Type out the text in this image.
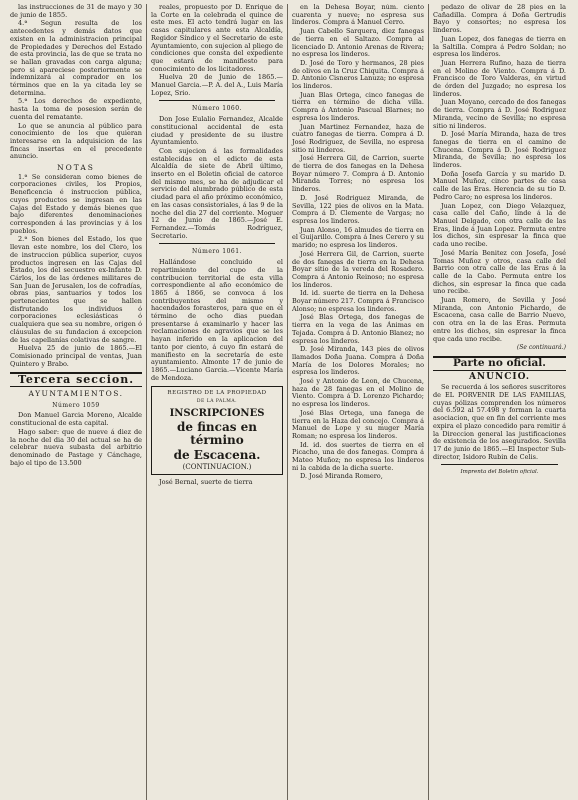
las instrucciones de 31 de mayo y 30 de junio de 1855.

4.ª Segun resulta de los antecedentes y demás datos que existen en la administracion principal de Propiedades y Derechos del Estado de esta provincia, las de que se trata no se hallan gravadas con carga alguna; pero si apareciese posteriormente se indemnizará al comprador en los términos que en la ya citada ley se determina.

5.ª Los derechos de expediente, hasta la toma de posesion serán de cuenta del rematante.

Lo que se anuncia al público para conocimiento de los que quieran interesarse en la adquisicion de las fincas insertas en el precedente anuncio.

NOTAS

1.ª Se consideran como bienes de corporaciones civiles, los Propios, Beneficencia é instruccion pública, cuyos productos se ingresan en las Cajas del Estado y demás bienes que bajo diferentes denominaciones corresponden á las provincias y á los pueblos.

2.ª Son bienes del Estado, los que llevan este nombre, los del Clero, los de instruccion pública superior, cuyos productos ingresen en las Cajas del Estado, los del secuestro ex-Infante D. Cárlos, los de las órdenes militares de San Juan de Jerusalen, los de cofradías, obras pias, santuarios y todos los pertenecientes que se hallen disfrutando los individuos ó corporaciones eclesiásticas ó cualquiera que sea su nombre, origen ó cláusulas de su fundacion á excepcion de las capellanías colativas de sangre.

Huelva 25 de junio de 1865.—El Comisionado principal de ventas, Juan Quintero y Brabo.

Tercera seccion.
AYUNTAMIENTOS.
Número 1059

Don Manuel Garcia Moreno, Alcalde constitucional de esta capital.

Hago saber: que de nueve á diez de la noche del dia 30 del actual se ha de celebrar nueva subasta del arbitrio denominado de Pastage y Cánchage, bajo el tipo de 13.500

reales, propuesto por D. Enrique de la Corte en la celebrada el quince de este mes. El acto tendrá lugar en las casas capitulares ante esta Alcaldía, Regidor Síndico y el Secretario de este Ayuntamiento, con sujecion al pliego de condiciones que consta del expediente que estará de manifiesto para conocimiento de los licitadores.

Huelva 20 de Junio de 1865.—Manuel Garcia.—P. A. del A., Luis María Lopez, Srio.

Número 1060.

Don Jose Eulalio Fernandez, Alcalde constitucional accidental de esta ciudad y presidente de su ilustre Ayuntamiento.

Con sujecion á las formalidades establecidas en el edicto de esta Alcaldía de siete de Abril último, inserto en el Boletin oficial de catorce del mismo mes, se ha de adjudicar el servicio del alumbrado público de esta ciudad para el año próximo económico, en las casas consistoriales, á las 9 de la noche del dia 27 del corriente. Moguer 12 de Junio de 1865.—José E. Fernandez.—Tomás Rodriguez, Secretario.

Número 1061.

Hallándose concluido el repartimiento del cupo de la contribucion territorial de esta villa correspondiente al año económico de 1865 á 1866, se convoca á los contribuyentes del mismo y hacendados forasteros, para que en el término de ocho dias puedan presentarse á examinarlo y hacer las reclamaciones de agravios que se les hayan inferido en la aplicacion del tanto por ciento, á cuyo fin estará de manifiesto en la secretaría de este ayuntamiento. Almonte 17 de junio de 1865.—Luciano Garcia.—Vicente María de Mendoza.

REGISTRO DE LA PROPIEDAD
DE LA PALMA.
INSCRIPCIONES
de fincas en término
de Escacena.
(CONTINUACION.)

José Bernal, suerte de tierra

en la Dehesa Boyar, núm. ciento cuarenta y nueve; no espresa sus linderos. Compra á Manuel Cerro.

Juan Cabello Sarquera, diez fanegas de tierra en el Saltazo. Compra al licenciado D. Antonio Arenas de Rivera; no espresa los linderos.

D. José de Toro y hermanos, 28 pies de olivos en la Cruz Chiquita. Compra á D. Antonio Cisneros Lanuza; no espresa los linderos.

Juan Blas Ortega, cinco fanegas de tierra en término de dicha villa. Compra á Antonio Pascual Blarnes; no espresa los linderos.

Juan Martinez Fernandez, haza de cuatro fanegas de tierra. Compra á D. José Rodriguez, de Sevilla, no espresa sitio ni linderos.

José Herrera Gil, de Carrion, suerte de tierra de dos fanegas en la Dehesa Boyar número 7. Compra á D. Antonio Miranda Torres; no espresa los linderos.

D. José Rodriguez Miranda, de Sevilla, 122 pies de olivos en la Mata. Compra á D. Clemente de Vargas; no espresa los linderos.

Juan Alonso, 16 almudes de tierra en el Guijarillo. Compra á Ines Cerero y su marido; no espresa los linderos.

José Herrera Gil, de Carrion, suerte de dos fanegas de tierra en la Dehesa Boyar sitio de la vereda del Rosadero. Compra á Antonio Reinoso; no espresa los linderos.

Id. id. suerte de tierra en la Dehesa Boyar número 217. Compra á Francisco Alonso; no espresa los linderos.

José Blas Ortega, dos fanegas de tierra en la vega de las Ánimas en Tejada. Compra á D. Antonio Blanez; no espresa los linderos.

D. José Miranda, 143 pies de olivos llamados Doña Juana. Compra á Doña María de los Dolores Morales; no espresa los linderos.

José y Antonio de Leon, de Chucena, haza de 28 fanegas en el Molino de Viento. Compra á D. Lorenzo Pichardo; no espresa los linderos.

José Blas Ortega, una fanega de tierra en la Haza del concejo. Compra á Manuel de Lope y su muger María Roman; no espresa los linderos.

Id. id. dos suertes de tierra en el Picacho, una de dos fanegas. Compra á Mateo Muñoz; no espresa los linderos ni la cabida de la dicha suerte.

D. José Miranda Romero,

pedazo de olivar de 28 pies en la Cañadilla. Compra á Doña Gertrudis Bayo y consortes; no espresa los linderos.

Juan Lopez, dos fanegas de tierra en la Saltilla. Compra á Pedro Soldan; no espresa los linderos.

Juan Herrera Rufino, haza de tierra en el Molino de Viento. Compra á D. Francisco de Toro Valderas, en virtud de órden del Juzgado; no espresa los linderos.

Juan Moyano, cercado de dos fanegas de tierra. Compra á D. José Rodriguez Miranda, vecino de Sevilla; no espresa sitio ni linderos.

D. José María Miranda, haza de tres fanegas de tierra en el camino de Chucena. Compra á D. José Rodriguez Miranda, de Sevilla; no espresa los linderos.

Doña Josefa García y su marido D. Manuel Muñoz, cinco partes de casa calle de las Eras. Herencia de su tio D. Pedro Caro; no espresa los linderos.

Juan Lopez, con Diego Velazquez, casa calle del Caño, linde á la de Manuel Delgado, con otra calle de las Eras, linde á Juan Lopez. Permuta entre los dichos, sin espresar la finca que cada uno recibe.

José María Benitez con Josefa, José Tomas Muñoz y otros, casa calle del Barrio con otra calle de las Eras á la calle de la Cabo. Permuta entre los dichos, sin espresar la finca que cada uno recibe.

Juan Romero, de Sevilla y José Miranda, con Antonio Pichardo, de Escacena, casa calle de Barrio Nuevo, con otra en la de las Eras. Permuta entre los dichos, sin espresar la finca que cada uno recibe.

(Se continuará.)
Parte no oficial.
ANUNCIO.

Se recuerda á los señores suscritores de EL PORVENIR DE LAS FAMILIAS, cuyas pólizas comprenden los números del 6.592 al 57.498 y forman la cuarta asociacion, que en fin del corriente mes expira el plazo concedido para remitir á la Direccion general las justificaciones de existencia de los asegurados. Sevilla 17 de junio de 1865.—El Inspector Sub-director, Isidoro Rubin de Celis.

Imprenta del Boletin oficial.
